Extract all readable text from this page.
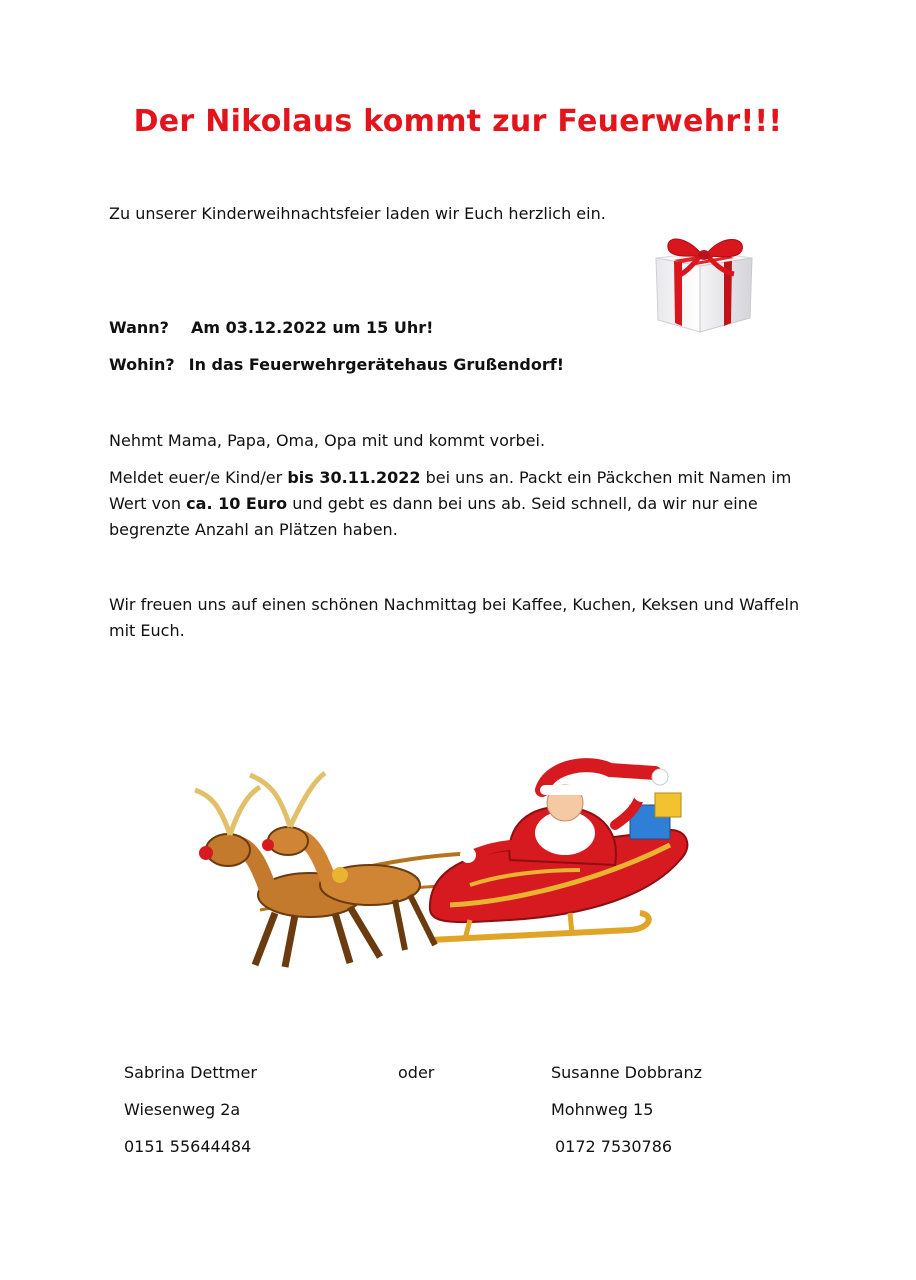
Der Nikolaus kommt zur Feuerwehr!!!
Zu unserer Kinderweihnachtsfeier laden wir Euch herzlich ein.
Wann? Am 03.12.2022 um 15 Uhr!
Wohin? In das Feuerwehrgerätehaus Grußendorf!
Nehmt Mama, Papa, Oma, Opa mit und kommt vorbei.
Meldet euer/e Kind/er bis 30.11.2022 bei uns an. Packt ein Päckchen mit Namen im Wert von ca. 10 Euro und gebt es dann bei uns ab. Seid schnell, da wir nur eine begrenzte Anzahl an Plätzen haben.
Wir freuen uns auf einen schönen Nachmittag bei Kaffee, Kuchen, Keksen und Waffeln mit Euch.
Sabrina Dettmer
Wiesenweg 2a
0151 55644484
oder	Susanne Dobbranz
Mohnweg 15
0172 7530786
